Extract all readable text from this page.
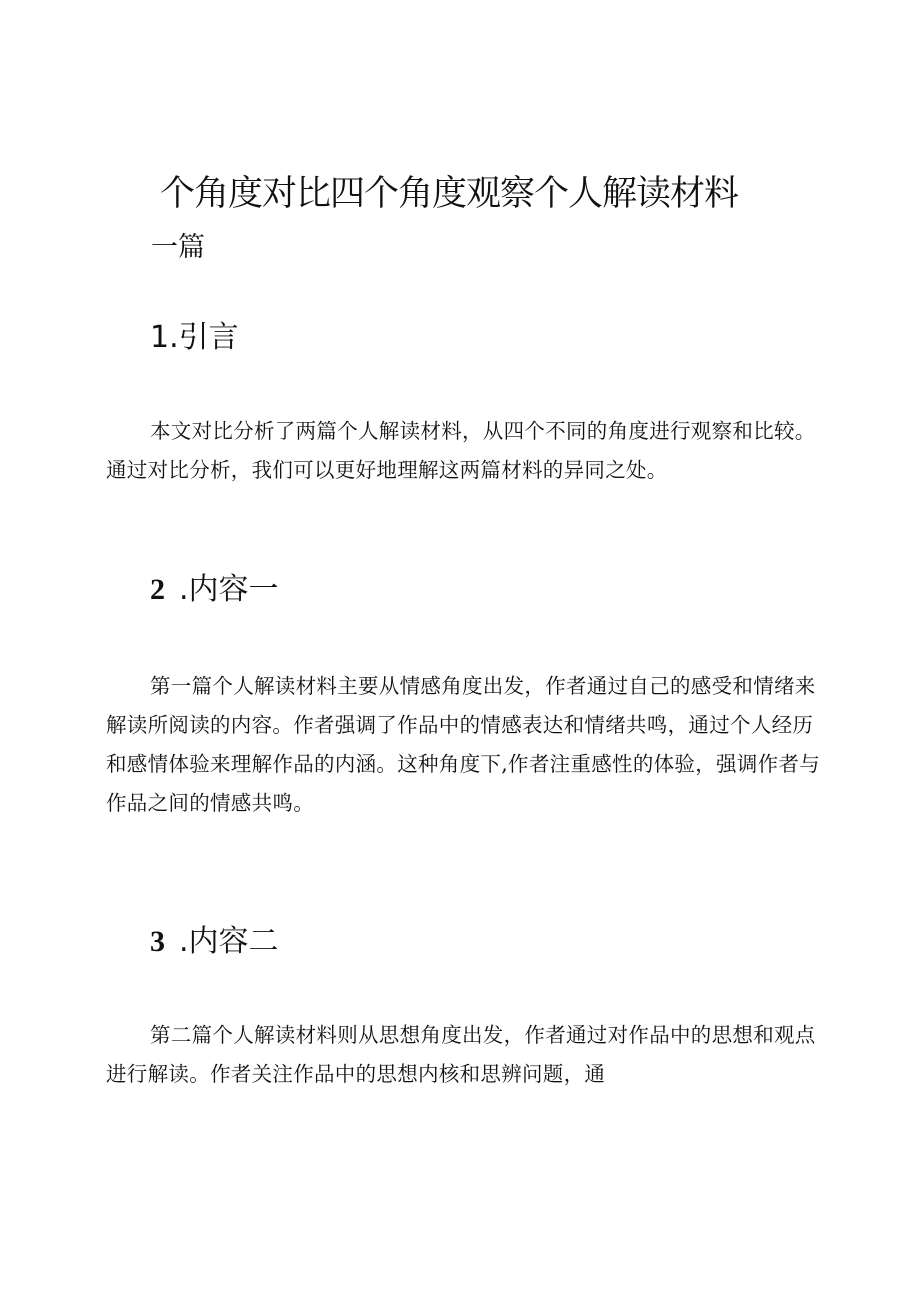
个角度对比四个角度观察个人解读材料
一篇
1.引言

本文对比分析了两篇个人解读材料，从四个不同的角度进行观察和比较。通过对比分析，我们可以更好地理解这两篇材料的异同之处。

2 .内容一

第一篇个人解读材料主要从情感角度出发，作者通过自己的感受和情绪来解读所阅读的内容。作者强调了作品中的情感表达和情绪共鸣，通过个人经历和感情体验来理解作品的内涵。这种角度下,作者注重感性的体验，强调作者与作品之间的情感共鸣。

3 .内容二

第二篇个人解读材料则从思想角度出发，作者通过对作品中的思想和观点进行解读。作者关注作品中的思想内核和思辨问题，通
